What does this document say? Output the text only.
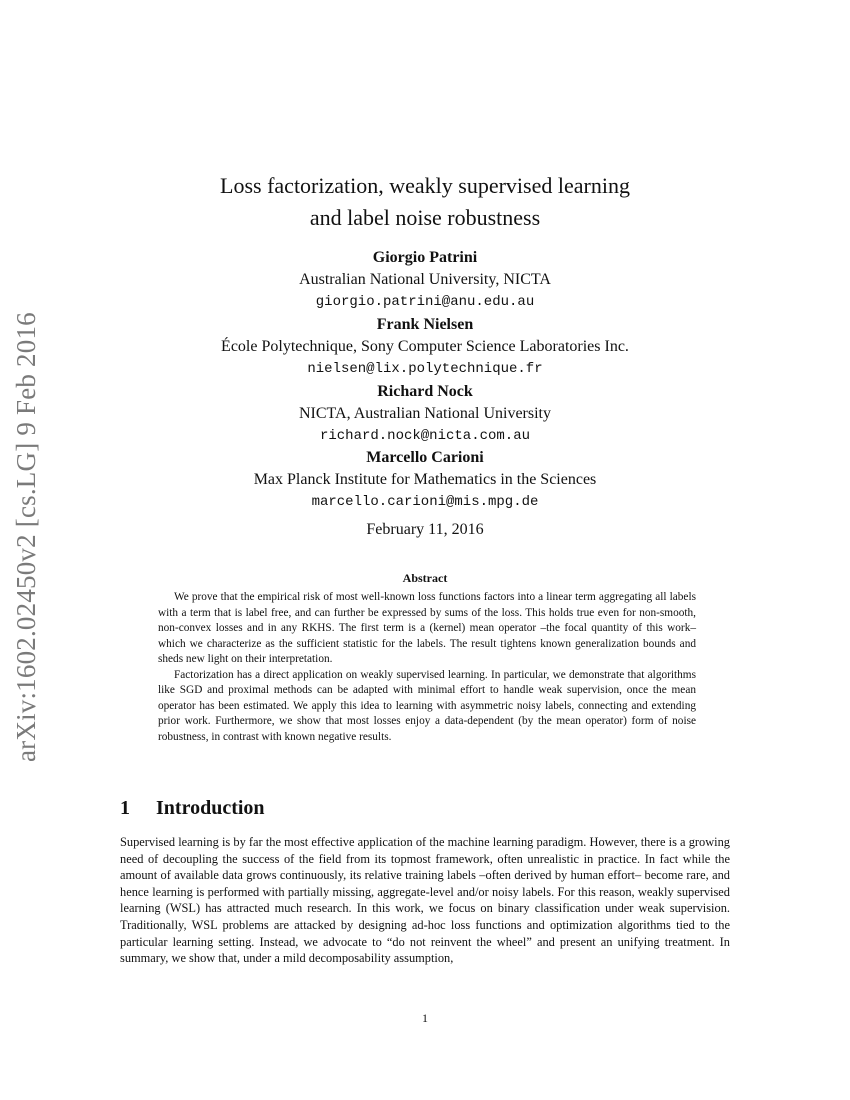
arXiv:1602.02450v2 [cs.LG] 9 Feb 2016
Loss factorization, weakly supervised learning
and label noise robustness
Giorgio Patrini
Australian National University, NICTA
giorgio.patrini@anu.edu.au
Frank Nielsen
École Polytechnique, Sony Computer Science Laboratories Inc.
nielsen@lix.polytechnique.fr
Richard Nock
NICTA, Australian National University
richard.nock@nicta.com.au
Marcello Carioni
Max Planck Institute for Mathematics in the Sciences
marcello.carioni@mis.mpg.de
February 11, 2016
Abstract

We prove that the empirical risk of most well-known loss functions factors into a linear term aggregating all labels with a term that is label free, and can further be expressed by sums of the loss. This holds true even for non-smooth, non-convex losses and in any RKHS. The first term is a (kernel) mean operator –the focal quantity of this work– which we characterize as the sufficient statistic for the labels. The result tightens known generalization bounds and sheds new light on their interpretation.

Factorization has a direct application on weakly supervised learning. In particular, we demonstrate that algorithms like SGD and proximal methods can be adapted with minimal effort to handle weak supervision, once the mean operator has been estimated. We apply this idea to learning with asymmetric noisy labels, connecting and extending prior work. Furthermore, we show that most losses enjoy a data-dependent (by the mean operator) form of noise robustness, in contrast with known negative results.

1 Introduction

Supervised learning is by far the most effective application of the machine learning paradigm. However, there is a growing need of decoupling the success of the field from its topmost framework, often unrealistic in practice. In fact while the amount of available data grows continuously, its relative training labels –often derived by human effort– become rare, and hence learning is performed with partially missing, aggregate-level and/or noisy labels. For this reason, weakly supervised learning (WSL) has attracted much research. In this work, we focus on binary classification under weak supervision. Traditionally, WSL problems are attacked by designing ad-hoc loss functions and optimization algorithms tied to the particular learning setting. Instead, we advocate to “do not reinvent the wheel” and present an unifying treatment. In summary, we show that, under a mild decomposability assumption,

1
